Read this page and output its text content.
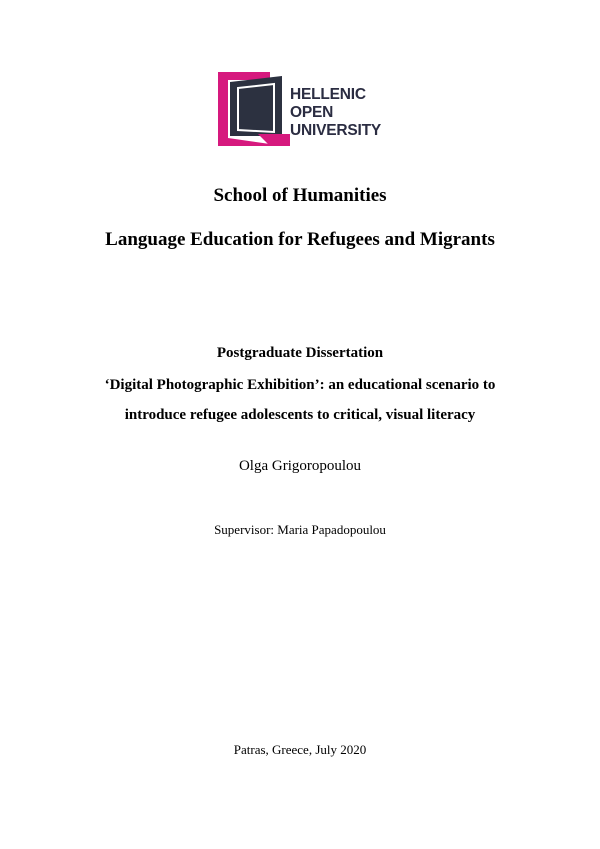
HELLENIC
OPEN
UNIVERSITY
School of Humanities
Language Education for Refugees and Migrants
Postgraduate Dissertation
‘Digital Photographic Exhibition’: an educational scenario to
introduce refugee adolescents to critical, visual literacy
Olga Grigoropoulou
Supervisor: Maria Papadopoulou
Patras, Greece, July 2020
